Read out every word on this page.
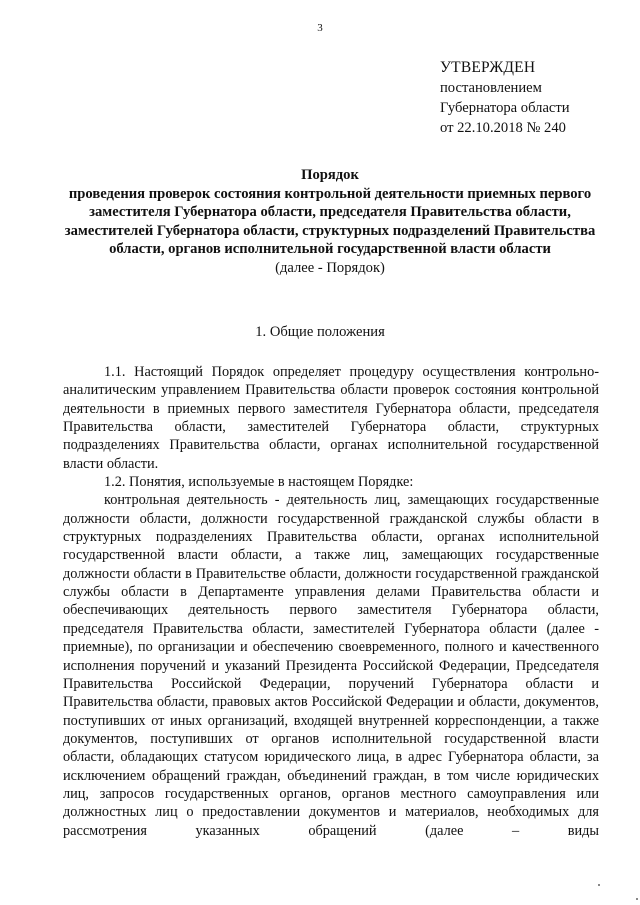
3
УТВЕРЖДЕН
постановлением
Губернатора области
от 22.10.2018 № 240
Порядок
проведения проверок состояния контрольной деятельности приемных первого заместителя Губернатора области, председателя Правительства области, заместителей Губернатора области, структурных подразделений Правительства области, органов исполнительной государственной власти области
(далее - Порядок)
1. Общие положения

1.1. Настоящий Порядок определяет процедуру осуществления контрольно-аналитическим управлением Правительства области проверок состояния контрольной деятельности в приемных первого заместителя Губернатора области, председателя Правительства области, заместителей Губернатора области, структурных подразделениях Правительства области, органах исполнительной государственной власти области.

1.2. Понятия, используемые в настоящем Порядке:

контрольная деятельность - деятельность лиц, замещающих государственные должности области, должности государственной гражданской службы области в структурных подразделениях Правительства области, органах исполнительной государственной власти области, а также лиц, замещающих государственные должности области в Правительстве области, должности государственной гражданской службы области в Департаменте управления делами Правительства области и обеспечивающих деятельность первого заместителя Губернатора области, председателя Правительства области, заместителей Губернатора области (далее - приемные), по организации и обеспечению своевременного, полного и качественного исполнения поручений и указаний Президента Российской Федерации, Председателя Правительства Российской Федерации, поручений Губернатора области и Правительства области, правовых актов Российской Федерации и области, документов, поступивших от иных организаций, входящей внутренней корреспонденции, а также документов, поступивших от органов исполнительной государственной власти области, обладающих статусом юридического лица, в адрес Губернатора области, за исключением обращений граждан, объединений граждан, в том числе юридических лиц, запросов государственных органов, органов местного самоуправления или должностных лиц о предоставлении документов и материалов, необходимых для рассмотрения указанных обращений (далее – виды
